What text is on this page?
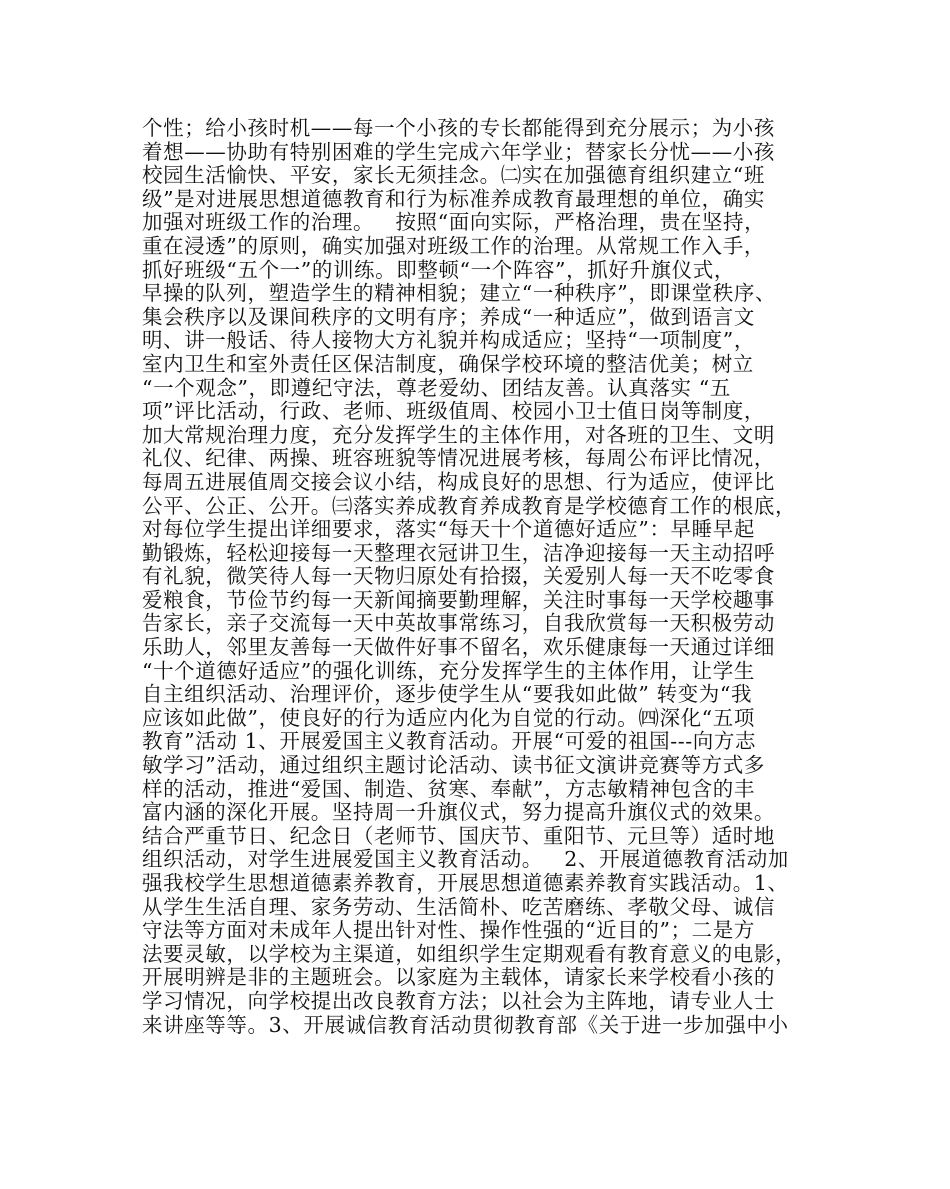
个性；给小孩时机——每一个小孩的专长都能得到充分展示；为小孩
着想——协助有特别困难的学生完成六年学业；替家长分忧——小孩
校园生活愉快、平安，家长无须挂念。㈡实在加强德育组织建立“班
级”是对进展思想道德教育和行为标准养成教育最理想的单位，确实
加强对班级工作的治理。   按照“面向实际，严格治理，贵在坚持，
重在浸透”的原则，确实加强对班级工作的治理。从常规工作入手，
抓好班级“五个一”的训练。即整顿“一个阵容”，抓好升旗仪式，
早操的队列，塑造学生的精神相貌；建立“一种秩序”，即课堂秩序、
集会秩序以及课间秩序的文明有序；养成“一种适应”，做到语言文
明、讲一般话、待人接物大方礼貌并构成适应；坚持“一项制度”，
室内卫生和室外责任区保洁制度，确保学校环境的整洁优美；树立
“一个观念”，即遵纪守法，尊老爱幼、团结友善。认真落实 “五
项”评比活动，行政、老师、班级值周、校园小卫士值日岗等制度，
加大常规治理力度，充分发挥学生的主体作用，对各班的卫生、文明
礼仪、纪律、两操、班容班貌等情况进展考核，每周公布评比情况，
每周五进展值周交接会议小结，构成良好的思想、行为适应，使评比
公平、公正、公开。㈢落实养成教育养成教育是学校德育工作的根底，
对每位学生提出详细要求，落实“每天十个道德好适应”：早睡早起
勤锻炼，轻松迎接每一天整理衣冠讲卫生，洁净迎接每一天主动招呼
有礼貌，微笑待人每一天物归原处有拾掇，关爱别人每一天不吃零食
爱粮食，节俭节约每一天新闻摘要勤理解，关注时事每一天学校趣事
告家长，亲子交流每一天中英故事常练习，自我欣赏每一天积极劳动
乐助人，邻里友善每一天做件好事不留名，欢乐健康每一天通过详细
“十个道德好适应”的强化训练，充分发挥学生的主体作用，让学生
自主组织活动、治理评价，逐步使学生从“要我如此做” 转变为“我
应该如此做”，使良好的行为适应内化为自觉的行动。㈣深化“五项
教育”活动 1、开展爱国主义教育活动。开展“可爱的祖国---向方志
敏学习”活动，通过组织主题讨论活动、读书征文演讲竞赛等方式多
样的活动，推进“爱国、制造、贫寒、奉献”，方志敏精神包含的丰
富内涵的深化开展。坚持周一升旗仪式，努力提高升旗仪式的效果。
结合严重节日、纪念日（老师节、国庆节、重阳节、元旦等）适时地
组织活动，对学生进展爱国主义教育活动。   2、开展道德教育活动加
强我校学生思想道德素养教育，开展思想道德素养教育实践活动。1、
从学生生活自理、家务劳动、生活简朴、吃苦磨练、孝敬父母、诚信
守法等方面对未成年人提出针对性、操作性强的“近目的”；二是方
法要灵敏，以学校为主渠道，如组织学生定期观看有教育意义的电影，
开展明辨是非的主题班会。以家庭为主载体，请家长来学校看小孩的
学习情况，向学校提出改良教育方法；以社会为主阵地，请专业人士
来讲座等等。3、开展诚信教育活动贯彻教育部《关于进一步加强中小
